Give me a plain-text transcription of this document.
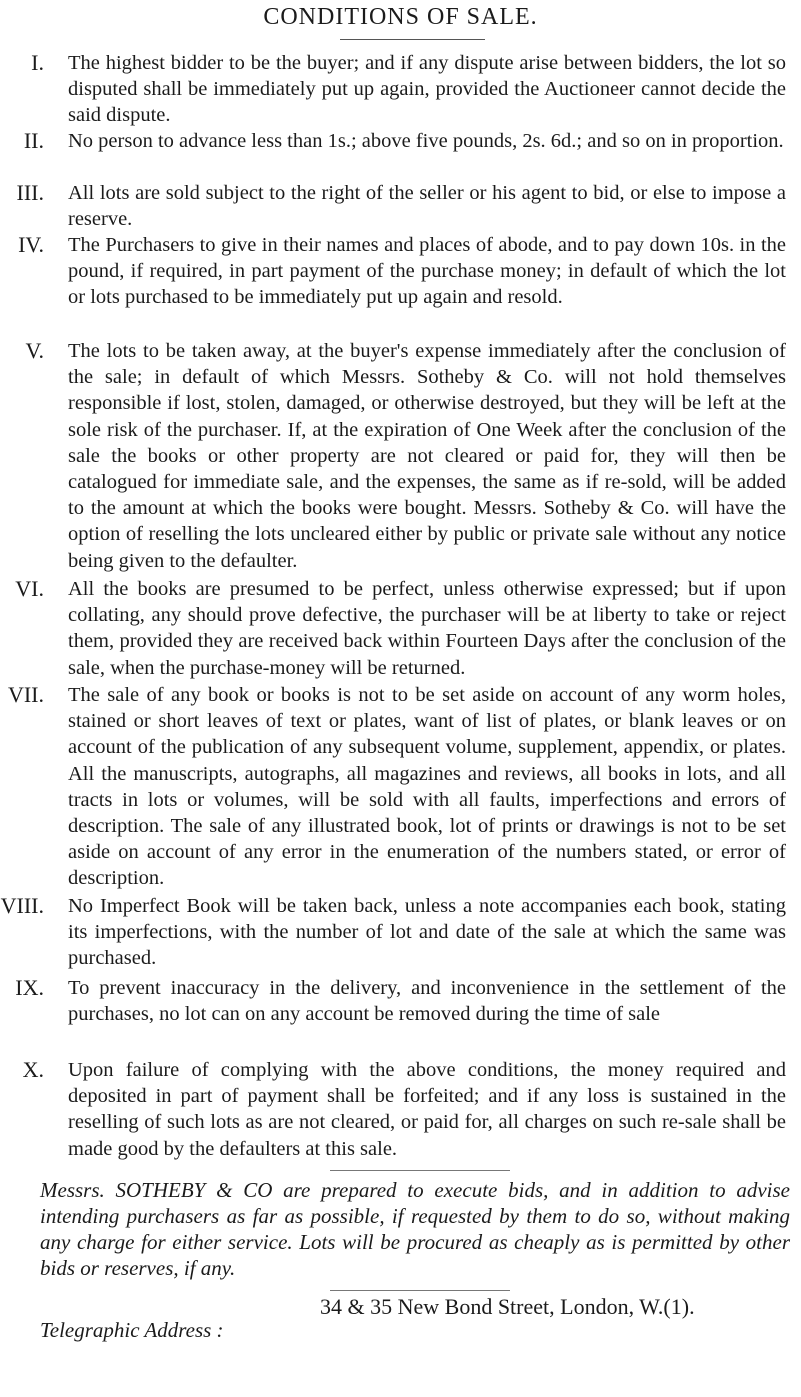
CONDITIONS OF SALE.
I. The highest bidder to be the buyer; and if any dispute arise between bidders, the lot so disputed shall be immediately put up again, provided the Auctioneer cannot decide the said dispute.
II. No person to advance less than 1s.; above five pounds, 2s. 6d.; and so on in proportion.
III. All lots are sold subject to the right of the seller or his agent to bid, or else to impose a reserve.
IV. The Purchasers to give in their names and places of abode, and to pay down 10s. in the pound, if required, in part payment of the purchase money; in default of which the lot or lots purchased to be immediately put up again and resold.
V. The lots to be taken away, at the buyer's expense immediately after the conclusion of the sale; in default of which Messrs. Sotheby & Co. will not hold themselves responsible if lost, stolen, damaged, or otherwise destroyed, but they will be left at the sole risk of the purchaser. If, at the expiration of One Week after the conclusion of the sale the books or other property are not cleared or paid for, they will then be catalogued for immediate sale, and the expenses, the same as if re-sold, will be added to the amount at which the books were bought. Messrs. Sotheby & Co. will have the option of reselling the lots uncleared either by public or private sale without any notice being given to the defaulter.
VI. All the books are presumed to be perfect, unless otherwise expressed; but if upon collating, any should prove defective, the purchaser will be at liberty to take or reject them, provided they are received back within Fourteen Days after the conclusion of the sale, when the purchase-money will be returned.
VII. The sale of any book or books is not to be set aside on account of any worm holes, stained or short leaves of text or plates, want of list of plates, or blank leaves or on account of the publication of any subsequent volume, supplement, appendix, or plates. All the manuscripts, autographs, all magazines and reviews, all books in lots, and all tracts in lots or volumes, will be sold with all faults, imperfections and errors of description. The sale of any illustrated book, lot of prints or drawings is not to be set aside on account of any error in the enumeration of the numbers stated, or error of description.
VIII. No Imperfect Book will be taken back, unless a note accompanies each book, stating its imperfections, with the number of lot and date of the sale at which the same was purchased.
IX. To prevent inaccuracy in the delivery, and inconvenience in the settlement of the purchases, no lot can on any account be removed during the time of sale
X. Upon failure of complying with the above conditions, the money required and deposited in part of payment shall be forfeited; and if any loss is sustained in the reselling of such lots as are not cleared, or paid for, all charges on such re-sale shall be made good by the defaulters at this sale.
Messrs. SOTHEBY & CO are prepared to execute bids, and in addition to advise intending purchasers as far as possible, if requested by them to do so, without making any charge for either service. Lots will be procured as cheaply as is permitted by other bids or reserves, if any.
34 & 35 New Bond Street, London, W.(1).
Telegraphic Address :
